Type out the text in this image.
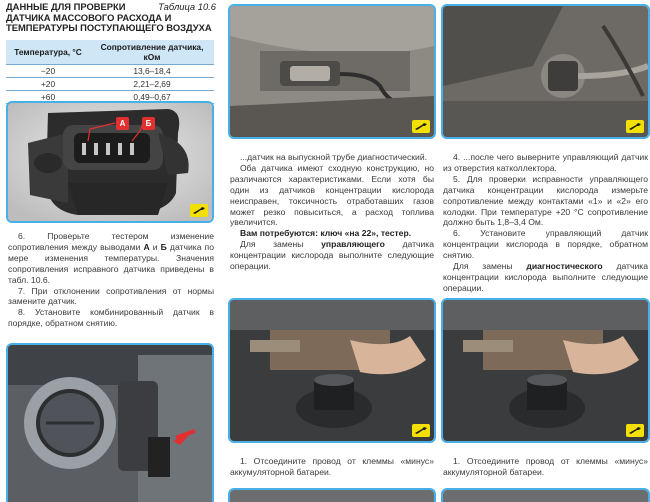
ДАННЫЕ ДЛЯ ПРОВЕРКИ	Таблица 10.6
ДАТЧИКА МАССОВОГО РАСХОДА И
ТЕМПЕРАТУРЫ ПОСТУПАЮЩЕГО ВОЗДУХА
Температура, °С	Сопротивление датчика, кОм
−20	13,6–18,4
+20	2,21–2,69
+60	0,49–0,67
А	Б

6. Проверьте тестером изменение сопротивления между выводами А и Б датчика по мере изменения температуры. Значения сопротивления исправного датчика приведены в табл. 10.6.

7. При отклонении сопротивления от нормы замените датчик.

8. Установите комбинированный датчик в порядке, обратном снятию.

...датчик на выпускной трубе диагностический.

Оба датчика имеют сходную конструкцию, но различаются характеристиками. Если хотя бы один из датчиков концентрации кислорода неисправен, токсичность отработавших газов может резко повыситься, а расход топлива увеличится.

Вам потребуются: ключ «на 22», тестер.

Для замены управляющего датчика концентрации кислорода выполните следующие операции.

1. Отсоедините провод от клеммы «минус» аккумуляторной батареи.

4. ...после чего выверните управляющий датчик из отверстия катколлектора.

5. Для проверки исправности управляющего датчика концентрации кислорода измерьте сопротивление между контактами «1» и «2» его колодки. При температуре +20 °С сопротивление должно быть 1,8–3,4 Ом.

6. Установите управляющий датчик концентрации кислорода в порядке, обратном снятию.

Для замены диагностического датчика концентрации кислорода выполните следующие операции.

1. Отсоедините провод от клеммы «минус» аккумуляторной батареи.
